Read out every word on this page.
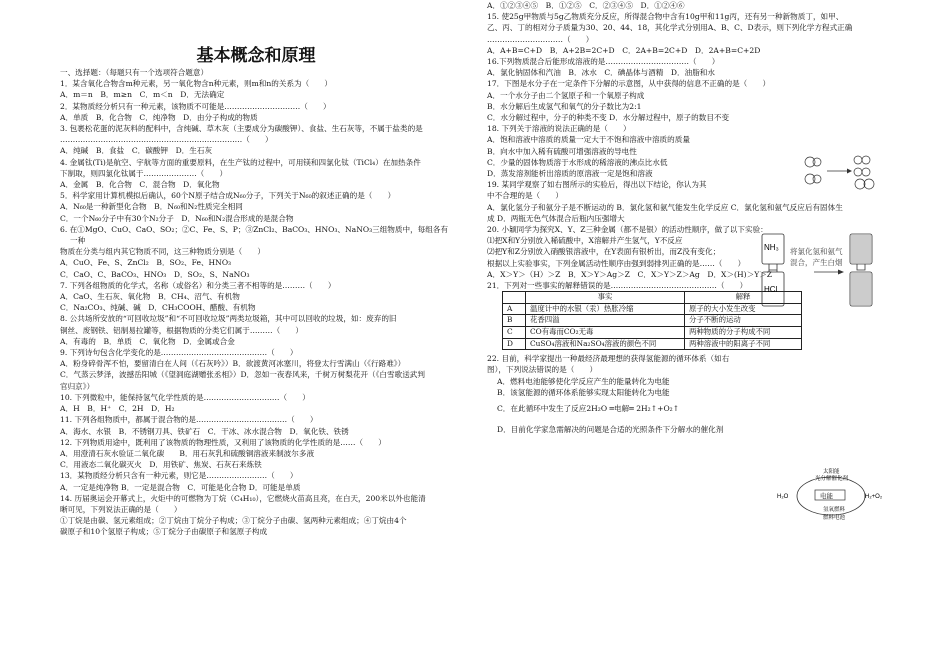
基本概念和原理
一、选择题：（每题只有一个选项符合题意）
1．某含氧化合物含m种元素，另一氧化物含n种元素，则m和n的关系为（　　）
A．m＝n　B．m≥n　C．m＜n　D．无法确定
2．某物质经分析只有一种元素，该物质不可能是…………………………（　　）
A．单质　B．化合物　C．纯净物　D．由分子构成的物质
3. 包裹松花蛋的泥灰料的配料中，含纯碱、草木灰（主要成分为碳酸钾）、食盐、生石灰等，不属于盐类的是
………………………………………………………………（　　）
A．纯碱　B．食盐　C．碳酸钾　D．生石灰
4. 金属钛(Ti)是航空、宇航等方面的重要原料，在生产钛的过程中，可用镁和四氯化钛（TiCl₄）在加热条件
下制取，则四氯化钛属于…………………（　　）
A．金属　B．化合物　C．混合物　D．氧化物
5．科学家用计算机模拟后确认，60个N原子结合成N₆₀分子，下列关于N₆₀的叙述正确的是（　　）
A．N₆₀是一种新型化合物　B．N₆₀和N₂性质完全相同
C．一个N₆₀分子中有30个N₂分子　D．N₆₀和N₂混合形成的是混合物
6. 在①MgO、CuO、CaO、SO₂；②C、Fe、S、P；③ZnCl₂、BaCO₃、HNO₃、NaNO₃三组物质中，每组各有一种
物质在分类与组内其它物质不同，这三种物质分别是（　　）
A．CuO、Fe、S、ZnCl₂　B．SO₂、Fe、HNO₃
C．CaO、C、BaCO₃、HNO₃　D．SO₂、S、NaNO₃
7. 下列各组物质的化学式，名称（或俗名）和分类三者不相等的是………（　　）
A．CaO、生石灰、氧化物　B．CH₄、沼气、有机物
C．Na₂CO₃、纯碱、碱　D．CH₃COOH、醋酸、有机物
8. 公共场所安放的“可回收垃圾”和“不可回收垃圾”两类垃圾箱，其中可以回收的垃圾，如：废弃的旧
铜丝、废钢铁、铝制易拉罐等，根据物质的分类它们属于………（　　）
A．有毒的　B．单质　C．氧化物　D．金属或合金
9. 下列诗句包含化学变化的是……………………………………（　　）
A．粉身碎骨浑不怕，要留清白在人间（《石灰吟》）B．欲渡黄河冰塞川，将登太行雪满山（《行路难》）
C．气蒸云梦泽，波撼岳阳城（《望洞庭湖赠张丞相》）D．忽如一夜春风来，千树万树梨花开（《白雪歌送武判
官归京》）
10. 下列微粒中，能保持氢气化学性质的是…………………………（　　）
A．H　B．H⁺　C．2H　D．H₂
11. 下列各组物质中，都属于混合物的是………………………………（　　）
A．海水、水银　B．不锈钢刀具、铁矿石　C．干冰、冰水混合物　D．氧化铁、铁锈
12. 下列物质用途中，既利用了该物质的物理性质，又利用了该物质的化学性质的是……（　　）
A．用澄清石灰水验证二氧化碳　　B．用石灰乳和硫酸铜溶液来制波尔多液
C．用液态二氧化碳灭火　D．用铁矿、焦炭、石灰石来炼铁
13．某物质经分析只含有一种元素，则它是……………………（　　）
A．一定是纯净物 B．一定是混合物　C．可能是化合物 D．可能是单质
14. 历届奥运会开幕式上，火炬中的可燃物为丁烷（C₄H₁₀），它燃烧火苗高且亮，在白天，200米以外也能清
晰可见，下列说法正确的是（　　）
①丁烷是由碳、氢元素组成；②丁烷由丁烷分子构成；③丁烷分子由碳、氢两种元素组成；④丁烷由4个
碳原子和10个氢原子构成；⑤丁烷分子由碳原子和氢原子构成
A．①②③④⑤　B．①②⑤　C．②③④⑤　D．①②④⑥
15. 使25g甲物质与5g乙物质充分反应，所得混合物中含有10g甲和11g丙，还有另一种新物质丁，如甲、
乙、丙、丁的相对分子质量为30、20、44、18，其化学式分别用A、B、C、D表示，则下列化学方程式正确
…………………………（　　）
A．A+B=C+D　B．A+2B=2C+D　C．2A+B=2C+D　D．2A+B=C+2D
16.下列物质混合后能形成溶液的是……………………………（　　）
A．氯化钠固体和汽油　B．冰水　C．碘晶体与酒精　D．油脂和水
17．下图是水分子在一定条件下分解的示意图，从中获得的信息不正确的是（　　）
A．一个水分子由二个氢原子和一个氧原子构成
B．水分解后生成氢气和氧气的分子数比为2:1
C．水分解过程中，分子的种类不变 D．水分解过程中，原子的数目不变
18. 下列关于溶液的说法正确的是（　　）
A．饱和溶液中溶质的质量一定大于不饱和溶液中溶质的质量
B．向水中加入稀有硫酸可增强溶液的导电性
C．少量的固体物质溶于水形成的稀溶液的沸点比水低
D．蒸发溶剂能析出溶质的原溶液一定是饱和溶液
19. 某同学观察了如右图所示的实验后，得出以下结论，你认为其
中不合理的是（　　）
A．氯化氢分子和氨分子是不断运动的 B．氯化氢和氨气能发生化学反应 C．氯化氢和氨气反应后有固体生
成 D．两瓶无色气体混合后瓶内压强增大
20. 小颖同学为探究X、Y、Z三种金属（都不是银）的活动性顺序，做了以下实验：
⑴把X和Y分别放入稀硫酸中，X溶解并产生氢气，Y不反应
⑵把Y和Z分别放入硝酸银溶液中，在Y表面有银析出，而Z没有变化；
根据以上实验事实，下列金属活动性顺序由强到弱排列正确的是……（　　）
A．X＞Y＞（H）＞Z　B．X＞Y＞Ag＞Z　C．X＞Y＞Z＞Ag　D．X＞(H)＞Y＞Z
21．下列对一些事实的解释错误的是……………………………………（　　）
	事实	解释
A	温度计中的水银（汞）热胀冷缩	原子的大小发生改变
B	花香四溢	分子不断的运动
C	CO有毒而CO₂无毒	两种物质的分子构成不同
D	CuSO₄溶液和Na₂SO₄溶液的颜色不同	两种溶液中的阳离子不同
22. 目前，科学家提出一种最经济最理想的获得氢能源的循环体系（如右
图），下列说法错误的是（　　）
A．燃料电池能够使化学反应产生的能量转化为电能
B．该氢能源的循环体系能够实现太阳能转化为电能
C．在此循环中发生了反应2H₂O ═电解═ 2H₂↑+O₂↑
D．目前化学家急需解决的问题是合适的光照条件下分解水的催化剂
NH₃
HCl
将氯化氢和氨气
混合，产生白烟
电能
太阳能
光分解催化剂
H₂O	H₂+O₂
氢氧燃料
燃料电池
